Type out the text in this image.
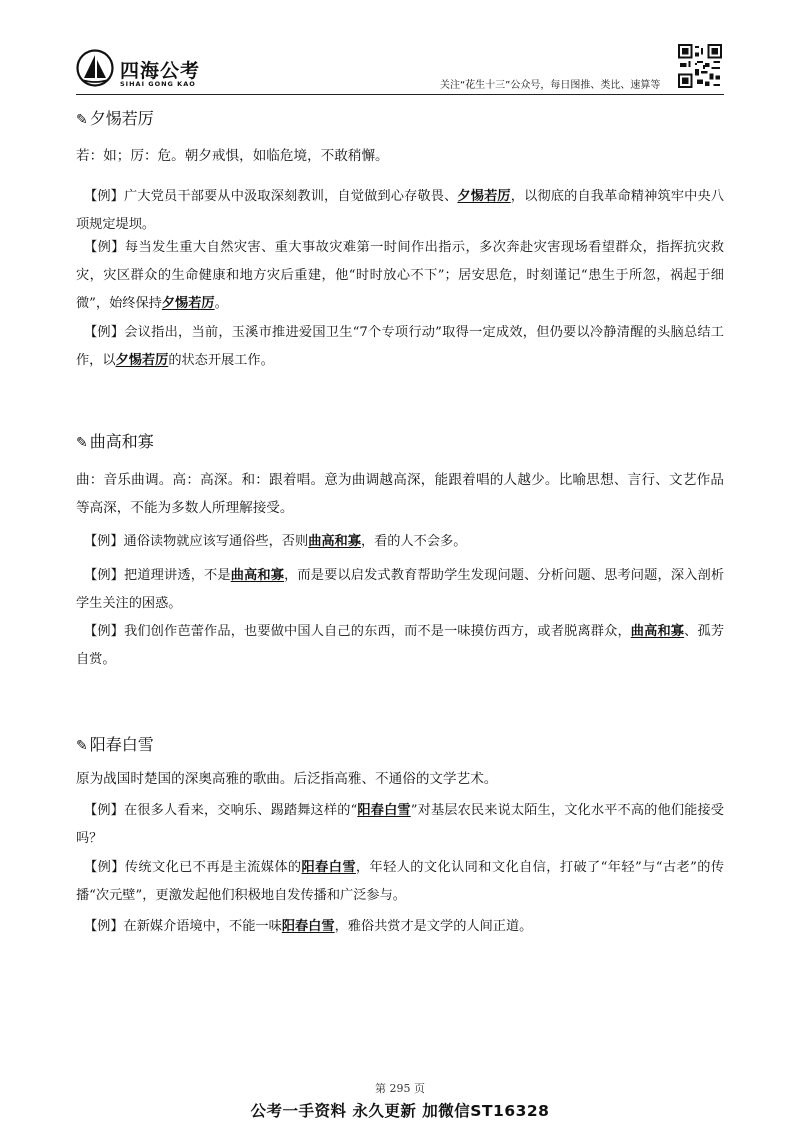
四海公考
SIHAI GONG KAO	关注“花生十三”公众号，每日图推、类比、速算等
✎ 夕惕若厉
若：如；厉：危。朝夕戒惧，如临危境，不敢稍懈。
【例】广大党员干部要从中汲取深刻教训，自觉做到心存敬畏、夕惕若厉，以彻底的自我革命精神筑牢中央八项规定堤坝。
【例】每当发生重大自然灾害、重大事故灾难第一时间作出指示，多次奔赴灾害现场看望群众，指挥抗灾救灾，灾区群众的生命健康和地方灾后重建，他“时时放心不下”；居安思危，时刻谨记“患生于所忽，祸起于细微”，始终保持夕惕若厉。
【例】会议指出，当前，玉溪市推进爱国卫生“7个专项行动”取得一定成效，但仍要以冷静清醒的头脑总结工作，以夕惕若厉的状态开展工作。
✎ 曲高和寡
曲：音乐曲调。高：高深。和：跟着唱。意为曲调越高深，能跟着唱的人越少。比喻思想、言行、文艺作品等高深，不能为多数人所理解接受。
【例】通俗读物就应该写通俗些，否则曲高和寡，看的人不会多。
【例】把道理讲透，不是曲高和寡，而是要以启发式教育帮助学生发现问题、分析问题、思考问题，深入剖析学生关注的困惑。
【例】我们创作芭蕾作品，也要做中国人自己的东西，而不是一味摸仿西方，或者脱离群众，曲高和寡、孤芳自赏。
✎ 阳春白雪
原为战国时楚国的深奥高雅的歌曲。后泛指高雅、不通俗的文学艺术。
【例】在很多人看来，交响乐、踢踏舞这样的“阳春白雪”对基层农民来说太陌生，文化水平不高的他们能接受吗？
【例】传统文化已不再是主流媒体的阳春白雪，年轻人的文化认同和文化自信，打破了“年轻”与“古老”的传播“次元壁”，更激发起他们积极地自发传播和广泛参与。
【例】在新媒介语境中，不能一味阳春白雪，雅俗共赏才是文学的人间正道。
第 295 页
公考一手资料 永久更新 加微信ST16328
